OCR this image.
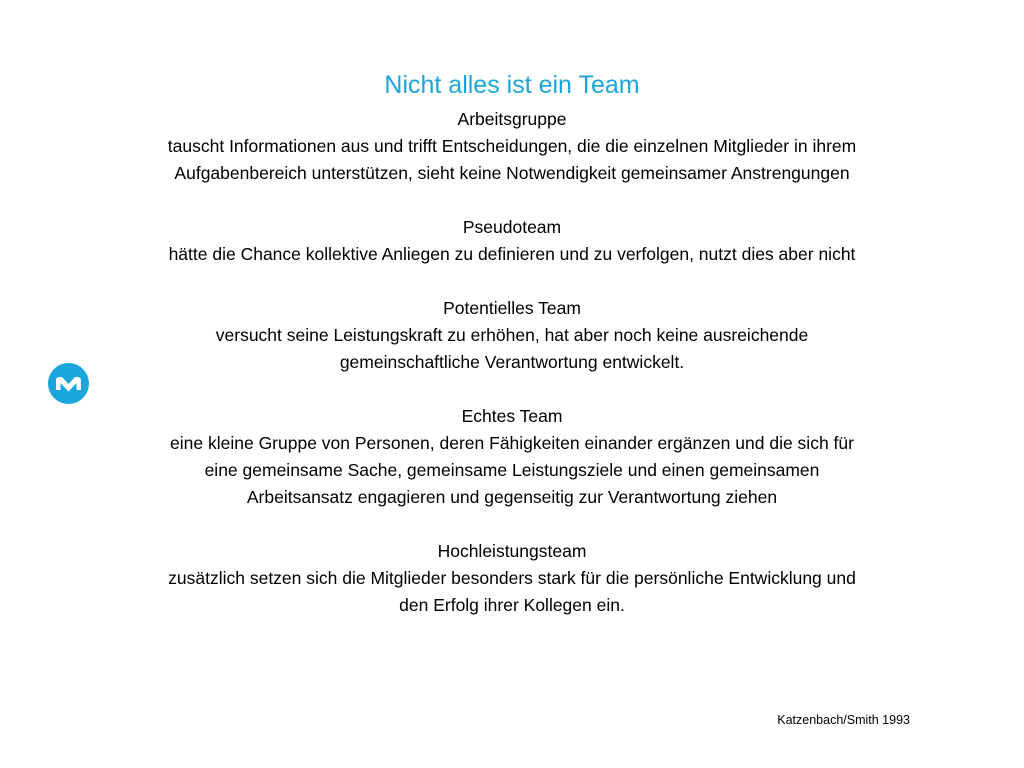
Nicht alles ist ein Team
Arbeitsgruppe
tauscht Informationen aus und trifft Entscheidungen, die die einzelnen Mitglieder in ihrem Aufgabenbereich unterstützen, sieht keine Notwendigkeit gemeinsamer Anstrengungen
Pseudoteam
hätte die Chance kollektive Anliegen zu definieren und zu verfolgen, nutzt dies aber nicht
Potentielles Team
versucht seine Leistungskraft zu erhöhen, hat aber noch keine ausreichende gemeinschaftliche Verantwortung entwickelt.
Echtes Team
eine kleine Gruppe von Personen, deren Fähigkeiten einander ergänzen und die sich für eine gemeinsame Sache, gemeinsame Leistungsziele und einen gemeinsamen Arbeitsansatz engagieren und gegenseitig zur Verantwortung ziehen
Hochleistungsteam
zusätzlich setzen sich die Mitglieder besonders stark für die persönliche Entwicklung und den Erfolg ihrer Kollegen ein.
Katzenbach/Smith 1993
